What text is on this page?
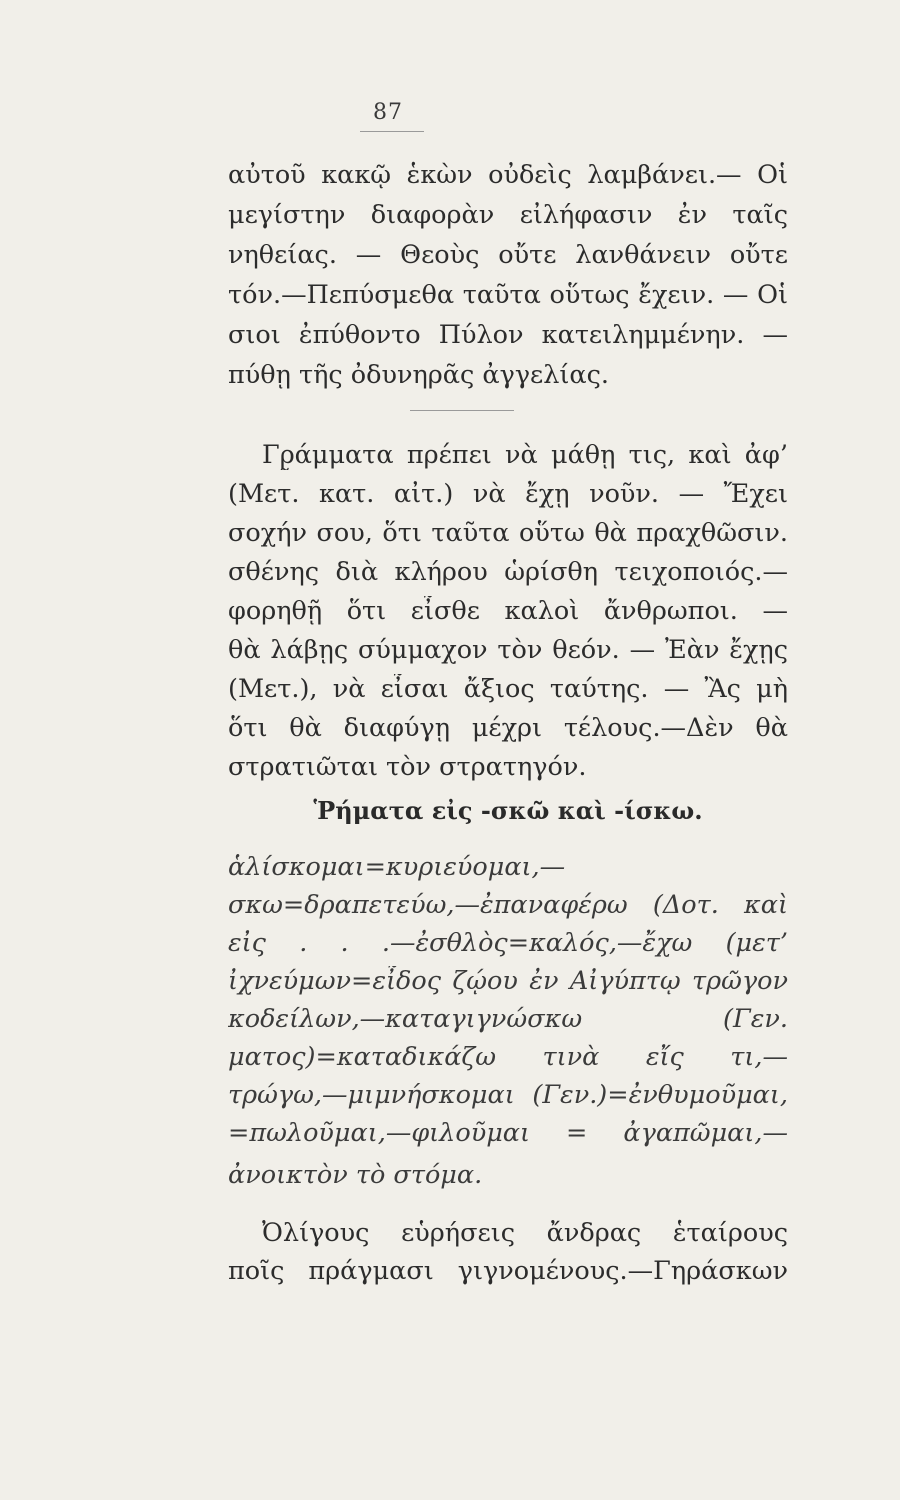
87
αὐτοῦ κακῷ ἑκὼν οὐδεὶς λαμβάνει.— Οἱ
μεγίστην διαφορὰν εἰλήφασιν ἐν ταῖς
νηθείας. — Θεοὺς οὔτε λανθάνειν οὔτε
τόν.—Πεπύσμεθα ταῦτα οὕτως ἔχειν. — Οἱ
σιοι ἐπύθοντο Πύλον κατειλημμένην. —
πύθῃ τῆς ὀδυνηρᾶς ἀγγελίας.
Γράμματα πρέπει νὰ μάθῃ τις, καὶ ἀφ’
(Μετ. κατ. αἰτ.) νὰ ἔχῃ νοῦν. — Ἔχει
σοχήν σου, ὅτι ταῦτα οὕτω θὰ πραχθῶσιν.
σθένης διὰ κλήρου ὡρίσθη τειχοποιός.—
φορηθῇ ὅτι εἶσθε καλοὶ ἄνθρωποι. —
θὰ λάβῃς σύμμαχον τὸν θεόν. — Ἐὰν ἔχῃς
(Μετ.), νὰ εἶσαι ἄξιος ταύτης. — Ἂς μὴ
ὅτι θὰ διαφύγῃ μέχρι τέλους.—Δὲν θὰ
στρατιῶται τὸν στρατηγόν.
Ῥήματα εἰς -σκῶ καὶ -ίσκω.
ἁλίσκομαι=κυριεύομαι,—
σκω=δραπετεύω,—ἐπαναφέρω (Δοτ. καὶ
εἰς . . .—ἐσθλὸς=καλός,—ἔχω (μετ’
ἰχνεύμων=εἶδος ζῴου ἐν Αἰγύπτῳ τρῶγον
κοδείλων,—καταγιγνώσκω (Γεν.
ματος)=καταδικάζω τινὰ εἴς τι,—
τρώγω,—μιμνήσκομαι (Γεν.)=ἐνθυμοῦμαι,
=πωλοῦμαι,—φιλοῦμαι = ἀγαπῶμαι,—
ἀνοικτὸν τὸ στόμα.
Ὀλίγους εὑρήσεις ἄνδρας ἑταίρους
ποῖς πράγμασι γιγνομένους.—Γηράσκων
